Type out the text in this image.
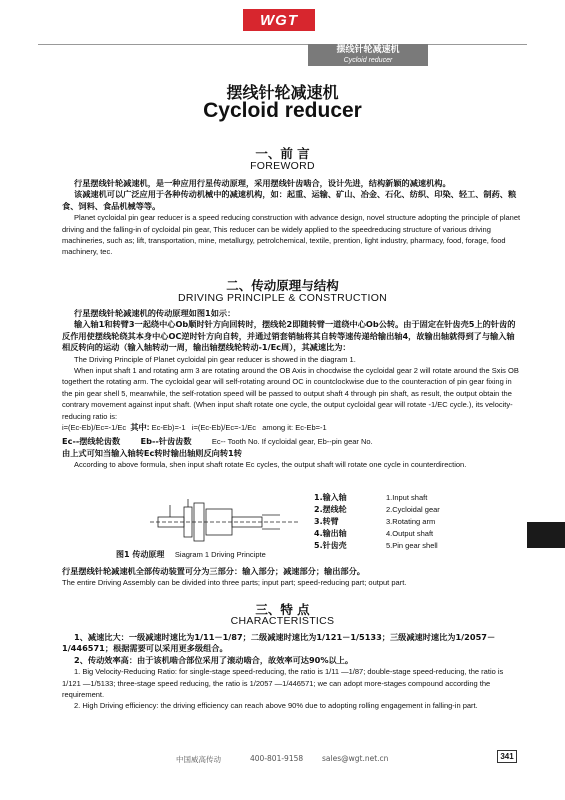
WGT
摆线针轮减速机
Cycloid reducer
摆线针轮减速机
Cycloid reducer
一、前 言
FOREWORD

行星摆线针轮减速机，是一种应用行星传动原理，采用摆线针齿啮合，设计先进，结构新颖的减速机构。

该减速机可以广泛应用于各种传动机械中的减速机构，如：起重、运输、矿山、冶金、石化、纺织、印染、轻工、制药、粮食、饲料、食品机械等等。

Planet cycloidal pin gear reducer is a speed reducing construction with advance design, novel structure adopting the principle of planet driving and the falling-in of cycloidal pin gear, This reducer can be widely applied to the speedreducing structure of various driving machineries, such as; lift, transportation, mine, metallurgy, petrolchemical, textile, prention, light industry, pharmacy, food, forage, food machinery, tec.

二、传动原理与结构
DRIVING PRINCIPLE & CONSTRUCTION

行星摆线针轮减速机的传动原理如图1如示：

输入轴1和转臂3一起绕中心Ob顺时针方向回转时，摆线轮2即随转臂一道绕中心Ob公转。由于固定在针齿壳5上的针齿的反作用使摆线轮绕其本身中心OC逆时针方向自转，并通过销套销轴将其自转等速传递给输出轴4，故输出轴就得到了与输入轴相反转向的运动（输入轴转动一周，输出轴摆线轮转动-1/Ec周），其减速比为：

The Driving Principle of Planet cycloidal pin gear reducer is showed in the diagram 1.

When input shaft 1 and rotating arm 3 are rotating around the OB Axis in chocdwise the cycloidal gear 2 will rotate around the Sxis OB togethert the rotating arm. The cycloidal gear will self-rotating around OC in countclockwise due to the counteraction of pin gear fixing in the pin gear shell 5, meanwhile, the self-rotation speed will be passed to output shaft 4 through pin shaft, as result, the output obtain the contrary movement against input shaft. (When input shaft rotate one cycle, the output cycloidal gear will rotate -1/EC cycle.), its velocity-reducing ratio is:

i=(Ec-Eb)/Ec=-1/Ec 其中: Ec-Eb)=-1 i=(Ec-Eb)/Ec=-1/Ec among it: Ec-Eb=-1

Ec--摆线轮齿数 Eb--针齿齿数	Ec-- Tooth No. If cycloidal gear, Eb--pin gear No.

由上式可知当输入轴转Ec转时输出轴则反向转1转

According to above formula, shen input shaft rotate Ec cycles, the output shaft will rotate one cycle in counterdirection.

1.输入轴	1.Input shaft
2.摆线轮	2.Cycloidal gear
3.转臂	3.Rotating arm
4.输出轴	4.Output shaft
5.针齿壳	5.Pin gear shell
图1 传动原理 Siagram 1 Driving Principte

行星摆线针轮减速机全部传动装置可分为三部分：输入部分；减速部分；输出部分。

The entire Driving Assembly can be divided into three parts; input part; speed-reducing part; output part.

三、特 点
CHARACTERISTICS

1、减速比大：一级减速时速比为1/11－1/87；二级减速时速比为1/121－1/5133；三级减速时速比为1/2057－1/446571；根据需要可以采用更多级组合。

2、传动效率高：由于该机啮合部位采用了滚动啮合，故效率可达90%以上。

1. Big Velocity-Reducing Ratio: for single-stage speed-reducing, the ratio is 1/11 —1/87; double-stage speed-reducing, the ratio is 1/121 —1/5133; three-stage speed reducing, the ratio is 1/2057 —1/446571; we can adopt more-stages compound according the requirement.

2. High Driving efficiency: the driving efficiency can reach above 90% due to adopting rolling engagement in falling-in part.

中国威高传动	400-801-9158	sales@wgt.net.cn	341
